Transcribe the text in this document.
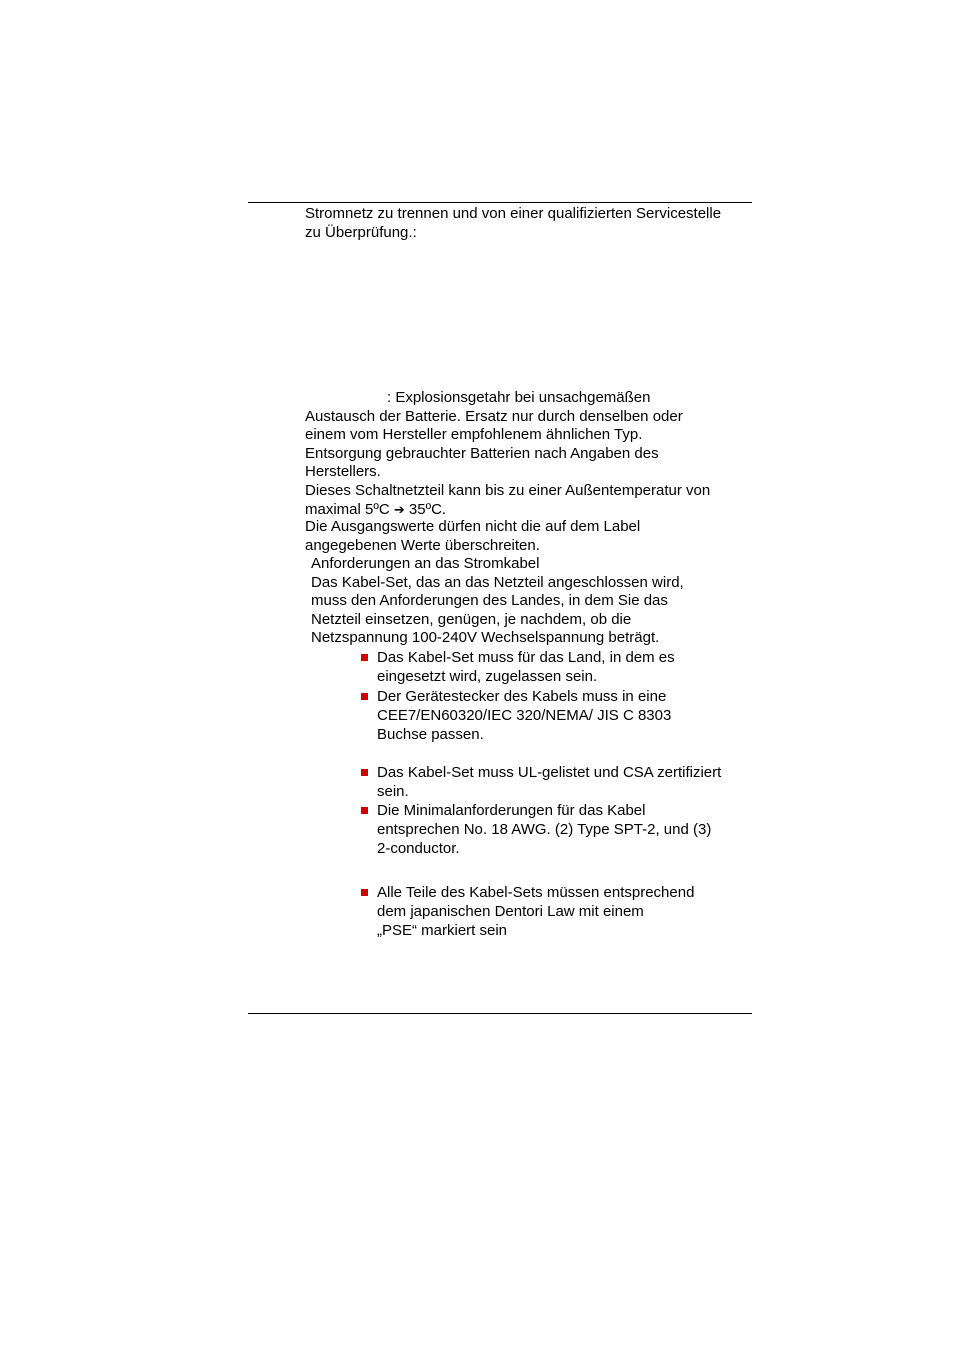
Stromnetz zu trennen und von einer qualifizierten Servicestelle
zu Überprüfung.:
: Explosionsgetahr bei unsachgemäßen
Austausch der Batterie. Ersatz nur durch denselben oder
einem vom Hersteller empfohlenem ähnlichen Typ.
Entsorgung gebrauchter Batterien nach Angaben des
Herstellers.
Dieses Schaltnetzteil kann bis zu einer Außentemperatur von
maximal 5ºC ➔ 35ºC.
Die Ausgangswerte dürfen nicht die auf dem Label
angegebenen Werte überschreiten.
Anforderungen an das Stromkabel
Das Kabel-Set, das an das Netzteil angeschlossen wird,
muss den Anforderungen des Landes, in dem Sie das
Netzteil einsetzen, genügen, je nachdem, ob die
Netzspannung 100-240V Wechselspannung beträgt.
Das Kabel-Set muss für das Land, in dem es
eingesetzt wird, zugelassen sein.
Der Gerätestecker des Kabels muss in eine
CEE7/EN60320/IEC 320/NEMA/ JIS C 8303
Buchse passen.
Das Kabel-Set muss UL-gelistet und CSA zertifiziert
sein.
Die Minimalanforderungen für das Kabel
entsprechen No. 18 AWG. (2) Type SPT-2, und (3)
2-conductor.
Alle Teile des Kabel-Sets müssen entsprechend
dem japanischen Dentori Law mit einem
„PSE“ markiert sein
